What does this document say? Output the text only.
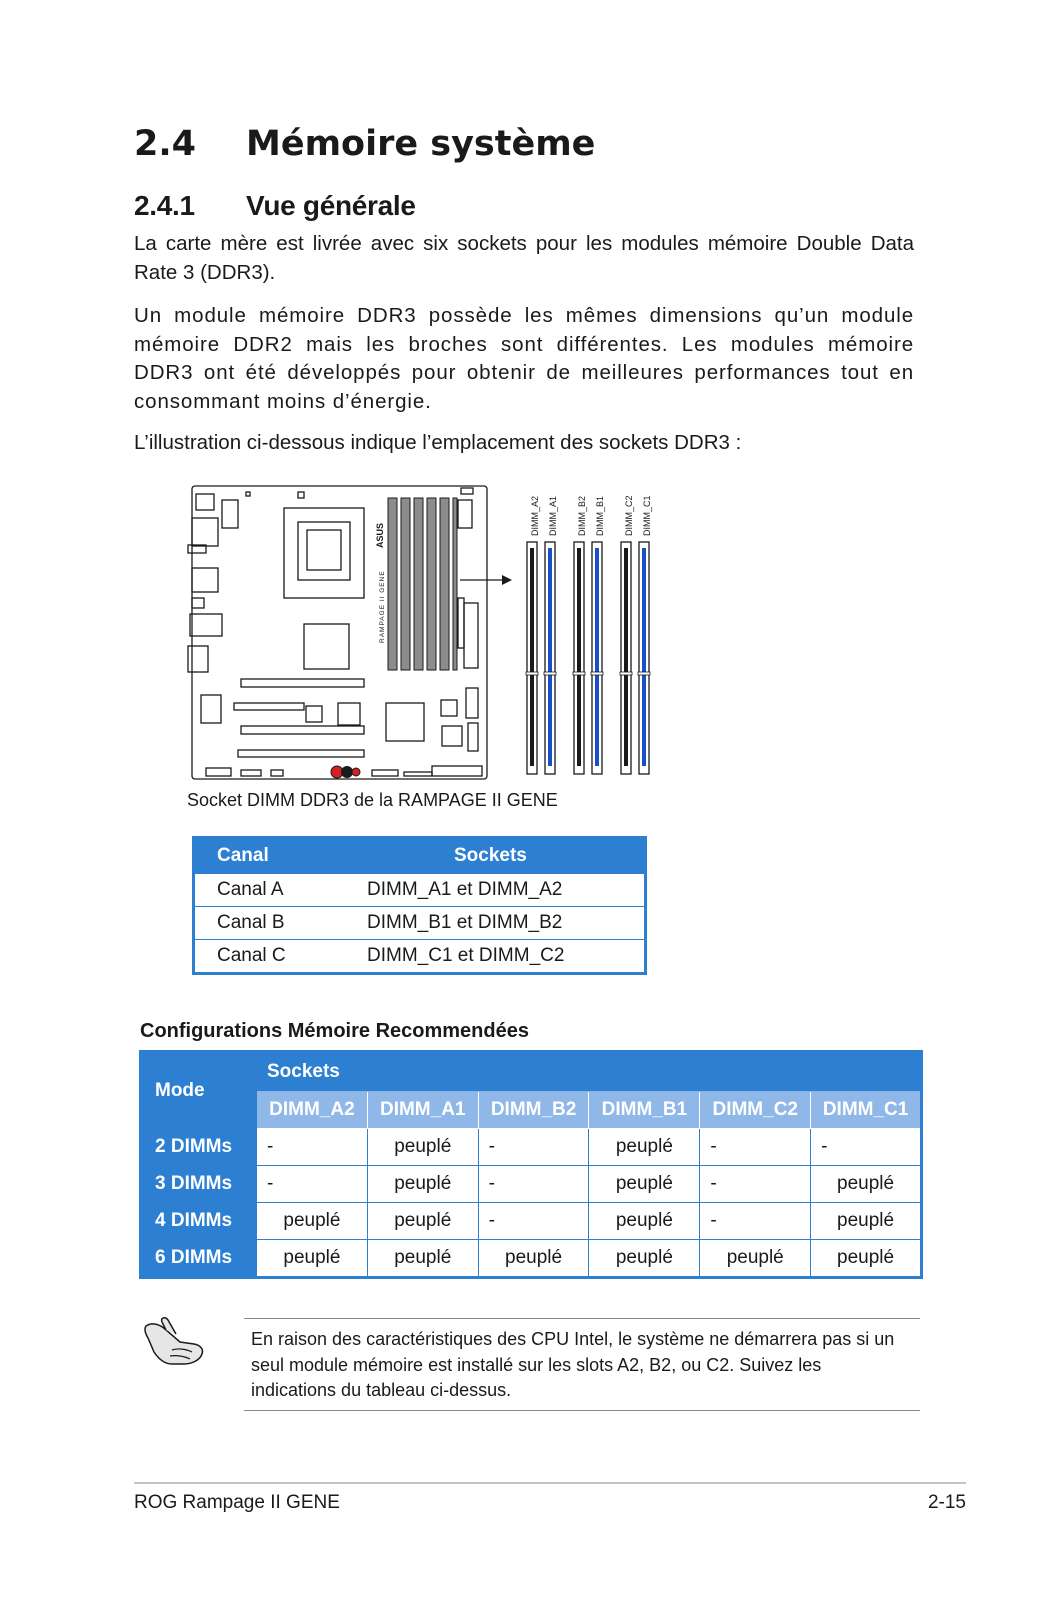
2.4 Mémoire système
2.4.1 Vue générale

La carte mère est livrée avec six sockets pour les modules mémoire Double Data Rate 3 (DDR3).

Un module mémoire DDR3 possède les mêmes dimensions qu’un module mémoire DDR2 mais les broches sont différentes. Les modules mémoire DDR3 ont été développés pour obtenir de meilleures performances tout en consommant moins d’énergie.

L’illustration ci-dessous indique l’emplacement des sockets DDR3 :

ASUS
RAMPAGE II GENE
DIMM_A2 DIMM_A1 DIMM_B2 DIMM_B1 DIMM_C2 DIMM_C1
Socket DIMM DDR3 de la RAMPAGE II GENE
Canal	Sockets
Canal A	DIMM_A1 et DIMM_A2
Canal B	DIMM_B1 et DIMM_B2
Canal C	DIMM_C1 et DIMM_C2
Configurations Mémoire Recommendées
Mode	Sockets					
	DIMM_A2	DIMM_A1	DIMM_B2	DIMM_B1	DIMM_C2	DIMM_C1
2 DIMMs	-	peuplé	-	peuplé	-	-
3 DIMMs	-	peuplé	-	peuplé	-	peuplé
4 DIMMs	peuplé	peuplé	-	peuplé	-	peuplé
6 DIMMs	peuplé	peuplé	peuplé	peuplé	peuplé	peuplé
En raison des caractéristiques des CPU Intel, le système ne démarrera pas si un seul module mémoire est installé sur les slots A2, B2, ou C2. Suivez les indications du tableau ci-dessus.
ROG Rampage II GENE	2-15
